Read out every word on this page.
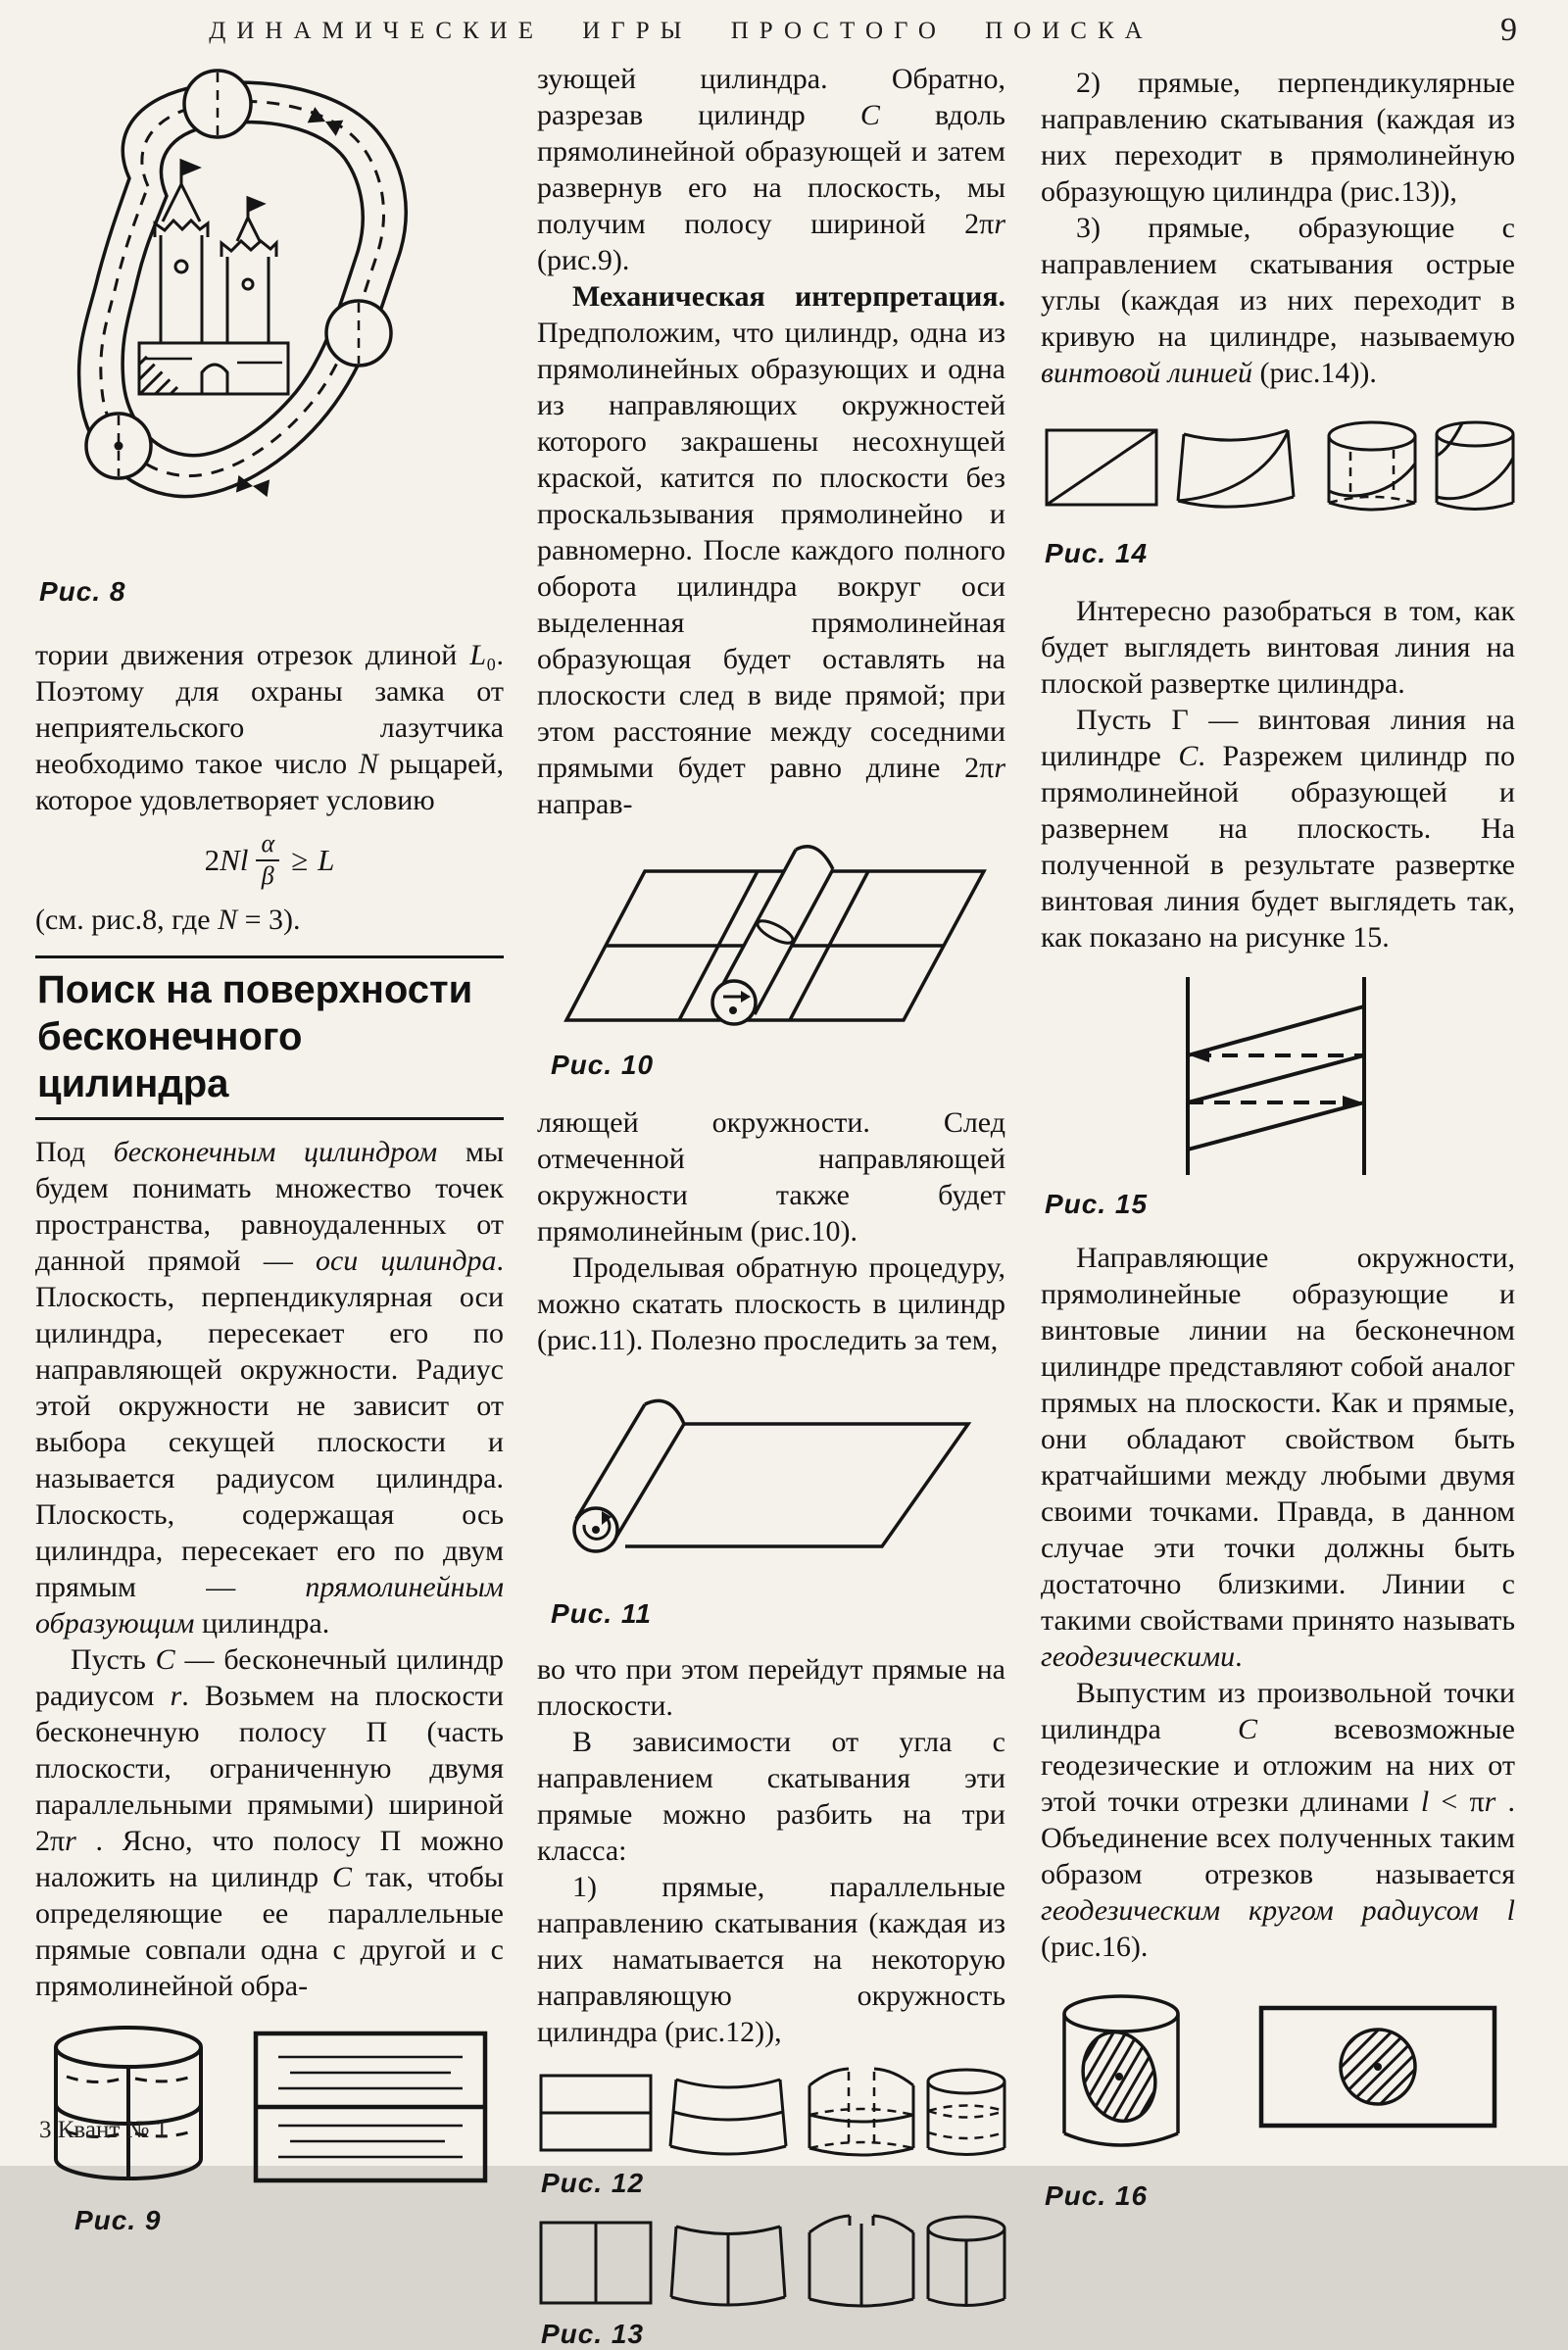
ДИНАМИЧЕСКИЕ ИГРЫ ПРОСТОГО ПОИСКА	9
Рис. 8

тории движения отрезок длиной L₀. Поэтому для охраны замка от неприятельского лазутчика необходимо такое число N рыцарей, которое удовлетворяет условию

2 Nl $\frac{\alpha}{\beta} \ge L$

(см. рис.8, где N = 3).

Поиск на поверхности
бесконечного цилиндра

Под бесконечным цилиндром мы будем понимать множество точек пространства, равноудаленных от данной прямой — оси цилиндра. Плоскость, перпендикулярная оси цилиндра, пересекает его по направляющей окружности. Радиус этой окружности не зависит от выбора секущей плоскости и называется радиусом цилиндра. Плоскость, содержащая ось цилиндра, пересекает его по двум прямым — прямолинейным образующим цилиндра.

Пусть C — бесконечный цилиндр радиусом r. Возьмем на плоскости бесконечную полосу П (часть плоскости, ограниченную двумя параллельными прямыми) шириной 2πr . Ясно, что полосу П можно наложить на цилиндр C так, чтобы определяющие ее параллельные прямые совпали одна с другой и с прямолинейной обра-

Рис. 9

зующей цилиндра. Обратно, разрезав цилиндр C вдоль прямолинейной образующей и затем развернув его на плоскость, мы получим полосу шириной 2πr (рис.9).

Механическая интерпретация. Предположим, что цилиндр, одна из прямолинейных образующих и одна из направляющих окружностей которого закрашены несохнущей краской, катится по плоскости без проскальзывания прямолинейно и равномерно. После каждого полного оборота цилиндра вокруг оси выделенная прямолинейная образующая будет оставлять на плоскости след в виде прямой; при этом расстояние между соседними прямыми будет равно длине 2πr направ-

Рис. 10

ляющей окружности. След отмеченной направляющей окружности также будет прямолинейным (рис.10).

Проделывая обратную процедуру, можно скатать плоскость в цилиндр (рис.11). Полезно проследить за тем,

Рис. 11

во что при этом перейдут прямые на плоскости.

В зависимости от угла с направлением скатывания эти прямые можно разбить на три класса:

1) прямые, параллельные направлению скатывания (каждая из них наматывается на некоторую направляющую окружность цилиндра (рис.12)),

Рис. 12
Рис. 13

2) прямые, перпендикулярные направлению скатывания (каждая из них переходит в прямолинейную образующую цилиндра (рис.13)),

3) прямые, образующие с направлением скатывания острые углы (каждая из них переходит в кривую на цилиндре, называемую винтовой линией (рис.14)).

Рис. 14

Интересно разобраться в том, как будет выглядеть винтовая линия на плоской развертке цилиндра.

Пусть Г — винтовая линия на цилиндре C. Разрежем цилиндр по прямолинейной образующей и развернем на плоскость. На полученной в результате развертке винтовая линия будет выглядеть так, как показано на рисунке 15.

Рис. 15

Направляющие окружности, прямолинейные образующие и винтовые линии на бесконечном цилиндре представляют собой аналог прямых на плоскости. Как и прямые, они обладают свойством быть кратчайшими между любыми двумя своими точками. Правда, в данном случае эти точки должны быть достаточно близкими. Линии с такими свойствами принято называть геодезическими.

Выпустим из произвольной точки цилиндра C всевозможные геодезические и отложим на них от этой точки отрезки длинами l < πr . Объединение всех полученных таким образом отрезков называется геодезическим кругом радиусом l (рис.16).

Рис. 16
3 Квант № 1
